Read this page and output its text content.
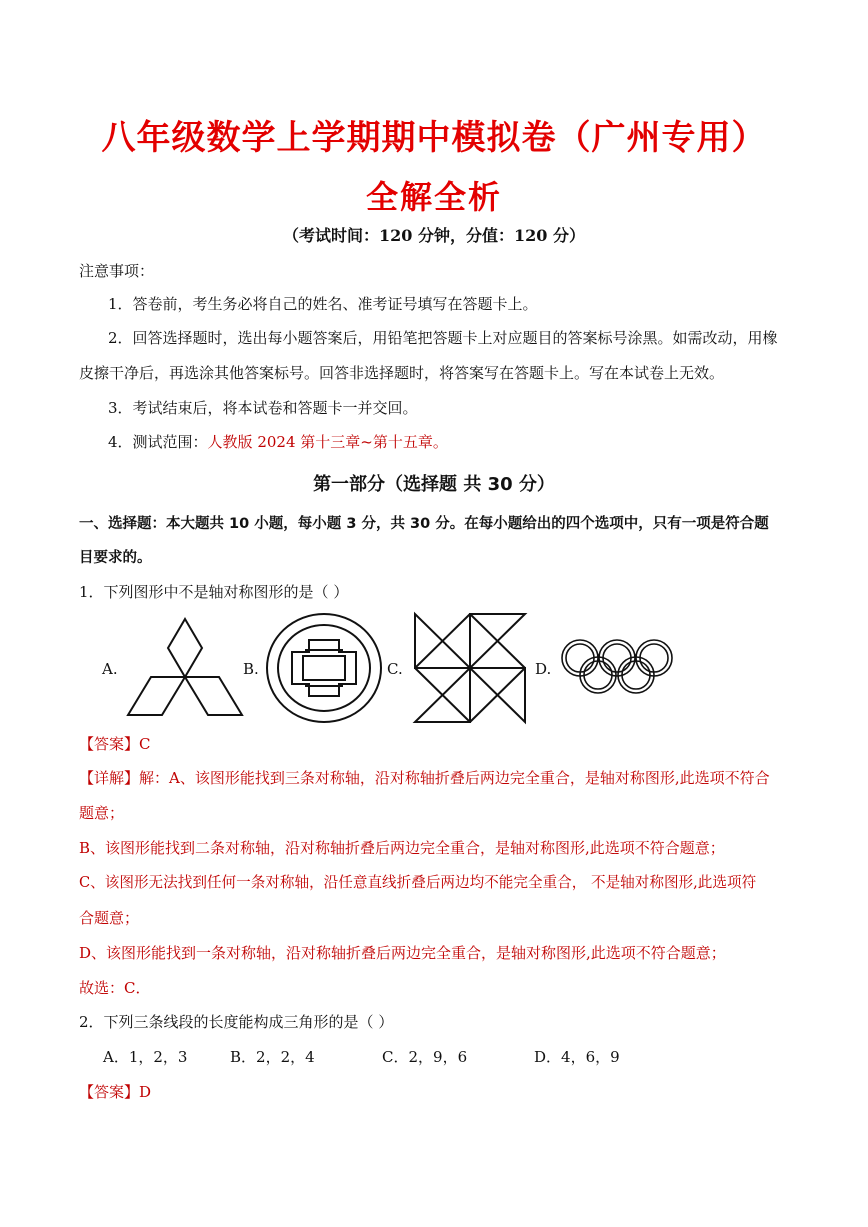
八年级数学上学期期中模拟卷（广州专用）
全解全析
（考试时间：120 分钟，分值：120 分）
注意事项：
1．答卷前，考生务必将自己的姓名、准考证号填写在答题卡上。
2．回答选择题时，选出每小题答案后，用铅笔把答题卡上对应题目的答案标号涂黑。如需改动，用橡
皮擦干净后，再选涂其他答案标号。回答非选择题时，将答案写在答题卡上。写在本试卷上无效。
3．考试结束后，将本试卷和答题卡一并交回。
4．测试范围：人教版 2024 第十三章~第十五章。
第一部分（选择题 共 30 分）
一、选择题：本大题共 10 小题，每小题 3 分，共 30 分。在每小题给出的四个选项中，只有一项是符合题
目要求的。
1．下列图形中不是轴对称图形的是（ ）
A.	B.	C.	D.
【答案】C
【详解】解：A、该图形能找到三条对称轴，沿对称轴折叠后两边完全重合，是轴对称图形,此选项不符合
题意；
B、该图形能找到二条对称轴，沿对称轴折叠后两边完全重合，是轴对称图形,此选项不符合题意；
C、该图形无法找到任何一条对称轴，沿任意直线折叠后两边均不能完全重合， 不是轴对称图形,此选项符
合题意；
D、该图形能找到一条对称轴，沿对称轴折叠后两边完全重合，是轴对称图形,此选项不符合题意；
故选：C．
2．下列三条线段的长度能构成三角形的是（ ）
A．1，2，3	B．2，2，4	C．2，9，6	D．4，6，9
【答案】D
